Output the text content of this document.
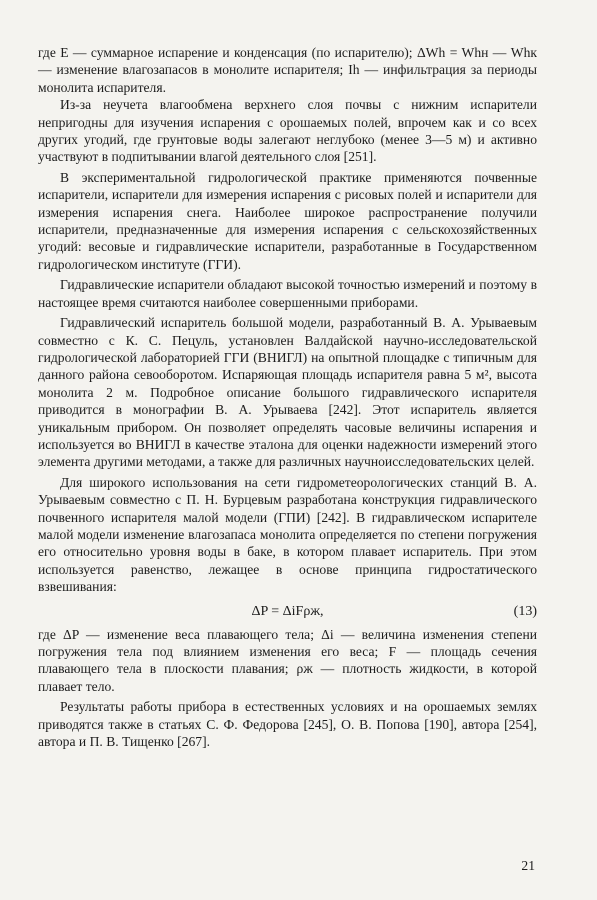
где E — суммарное испарение и конденсация (по испарителю); ΔWh = Whн — Whк — изменение влагозапасов в монолите испарителя; Ih — инфильтрация за периоды монолита испарителя.

Из-за неучета влагообмена верхнего слоя почвы с нижним испарители непригодны для изучения испарения с орошаемых полей, впрочем как и со всех других угодий, где грунтовые воды залегают неглубоко (менее 3—5 м) и активно участвуют в подпитывании влагой деятельного слоя [251].

В экспериментальной гидрологической практике применяются почвенные испарители, испарители для измерения испарения с рисовых полей и испарители для измерения испарения снега. Наиболее широкое распространение получили испарители, предназначенные для измерения испарения с сельскохозяйственных угодий: весовые и гидравлические испарители, разработанные в Государственном гидрологическом институте (ГГИ).

Гидравлические испарители обладают высокой точностью измерений и поэтому в настоящее время считаются наиболее совершенными приборами.

Гидравлический испаритель большой модели, разработанный В. А. Урываевым совместно с К. С. Пецуль, установлен Валдайской научно-исследовательской гидрологической лабораторией ГГИ (ВНИГЛ) на опытной площадке с типичным для данного района севооборотом. Испаряющая площадь испарителя равна 5 м², высота монолита 2 м. Подробное описание большого гидравлического испарителя приводится в монографии В. А. Урываева [242]. Этот испаритель является уникальным прибором. Он позволяет определять часовые величины испарения и используется во ВНИГЛ в качестве эталона для оценки надежности измерений этого элемента другими методами, а также для различных научноисследовательских целей.

Для широкого использования на сети гидрометеорологических станций В. А. Урываевым совместно с П. Н. Бурцевым разработана конструкция гидравлического почвенного испарителя малой модели (ГПИ) [242]. В гидравлическом испарителе малой модели изменение влагозапаса монолита определяется по степени погружения его относительно уровня воды в баке, в котором плавает испаритель. При этом используется равенство, лежащее в основе принципа гидростатического взвешивания:

ΔP = ΔiFρж,	(13)

где ΔP — изменение веса плавающего тела; Δi — величина изменения степени погружения тела под влиянием изменения его веса; F — площадь сечения плавающего тела в плоскости плавания; ρж — плотность жидкости, в которой плавает тело.

Результаты работы прибора в естественных условиях и на орошаемых землях приводятся также в статьях С. Ф. Федорова [245], О. В. Попова [190], автора [254], автора и П. В. Тищенко [267].

21
